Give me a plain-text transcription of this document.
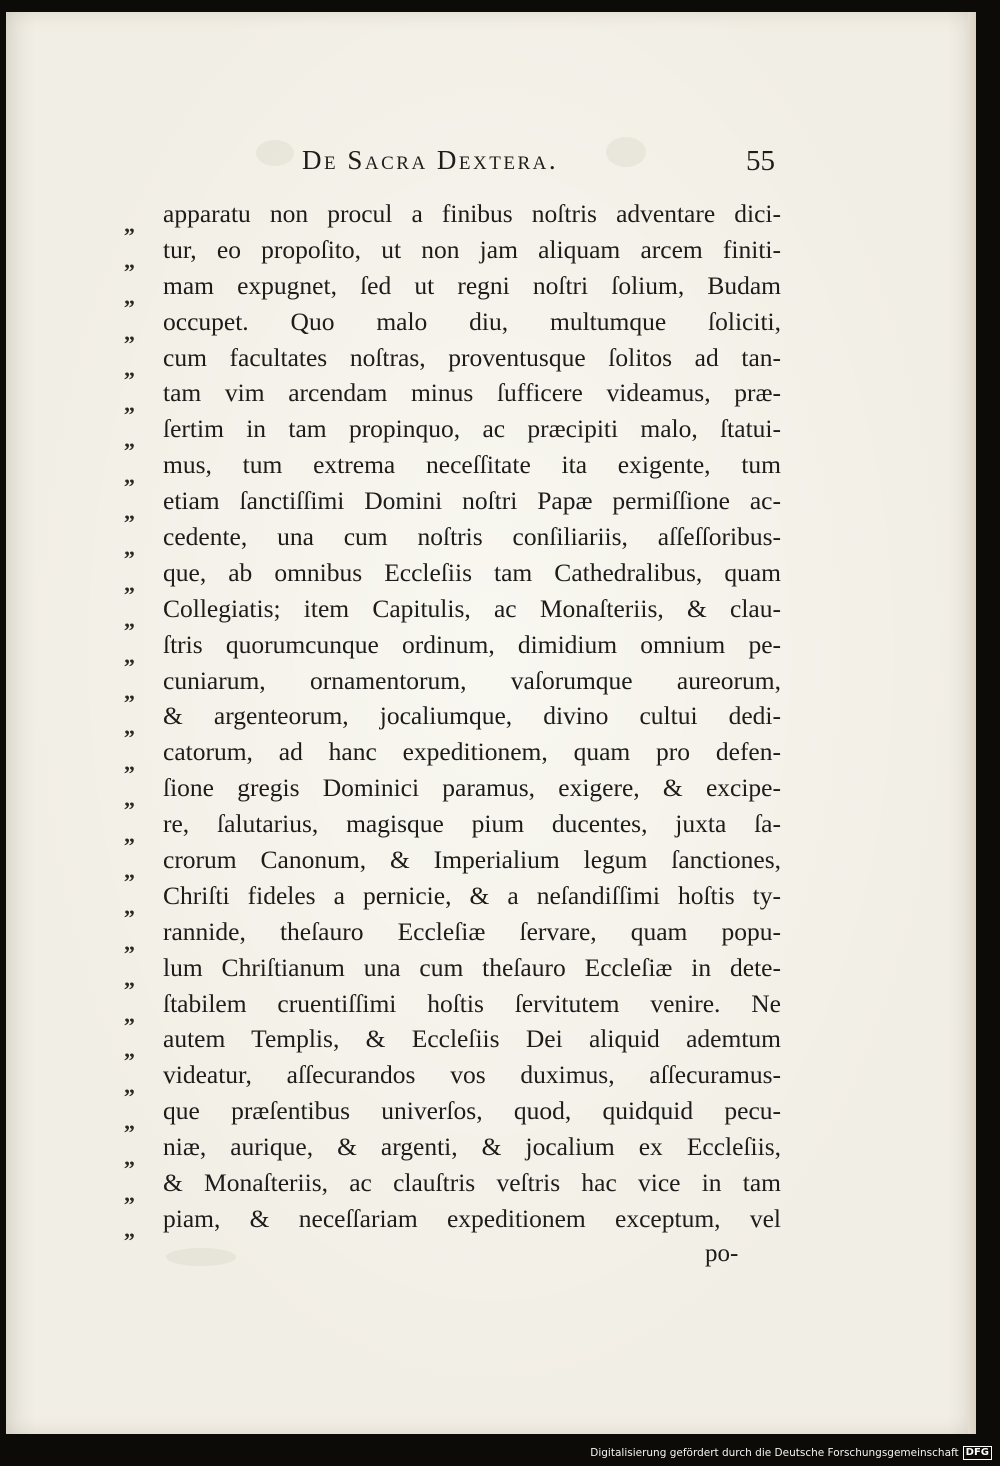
De Sacra Dextera.	55
„ apparatu non procul a finibus noſtris adventare dici-
„ tur, eo propoſito, ut non jam aliquam arcem finiti-
„ mam expugnet, ſed ut regni noſtri ſolium, Budam
„ occupet. Quo malo diu, multumque ſoliciti,
„ cum facultates noſtras, proventusque ſolitos ad tan-
„ tam vim arcendam minus ſufficere videamus, præ-
„ ſertim in tam propinquo, ac præcipiti malo, ſtatui-
„ mus, tum extrema neceſſitate ita exigente, tum
„ etiam ſanctiſſimi Domini noſtri Papæ permiſſione ac-
„ cedente, una cum noſtris conſiliariis, aſſeſſoribus-
„ que, ab omnibus Eccleſiis tam Cathedralibus, quam
„ Collegiatis; item Capitulis, ac Monaſteriis, & clau-
„ ſtris quorumcunque ordinum, dimidium omnium pe-
„ cuniarum, ornamentorum, vaſorumque aureorum,
„ & argenteorum, jocaliumque, divino cultui dedi-
„ catorum, ad hanc expeditionem, quam pro defen-
„ ſione gregis Dominici paramus, exigere, & excipe-
„ re, ſalutarius, magisque pium ducentes, juxta ſa-
„ crorum Canonum, & Imperialium legum ſanctiones,
„ Chriſti fideles a pernicie, & a neſandiſſimi hoſtis ty-
„ rannide, theſauro Eccleſiæ ſervare, quam popu-
„ lum Chriſtianum una cum theſauro Eccleſiæ in dete-
„ ſtabilem cruentiſſimi hoſtis ſervitutem venire. Ne
„ autem Templis, & Eccleſiis Dei aliquid ademtum
„ videatur, aſſecurandos vos duximus, aſſecuramus-
„ que præſentibus univerſos, quod, quidquid pecu-
„ niæ, aurique, & argenti, & jocalium ex Eccleſiis,
„ & Monaſteriis, ac clauſtris veſtris hac vice in tam
„ piam, & neceſſariam expeditionem exceptum, vel
po-
Digitalisierung gefördert durch die Deutsche Forschungsgemeinschaft DFG
